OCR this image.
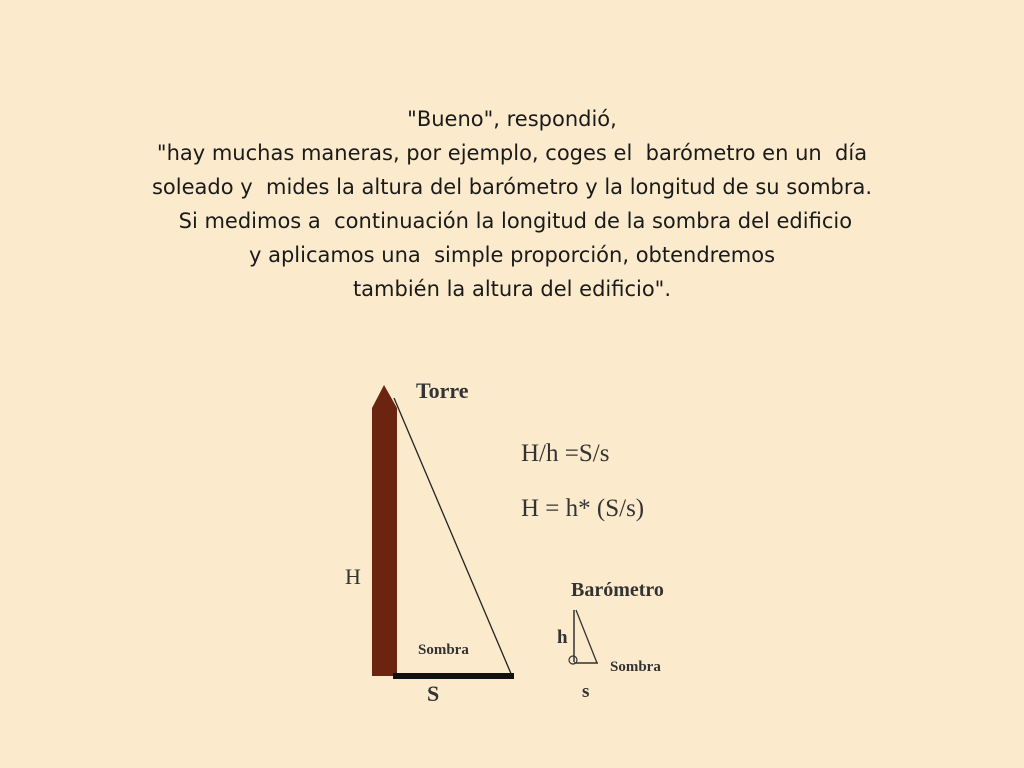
"Bueno", respondió,
"hay muchas maneras, por ejemplo, coges el  barómetro en un  día
soleado y  mides la altura del barómetro y la longitud de su sombra.
Si medimos a  continuación la longitud de la sombra del edificio
y aplicamos una  simple proporción, obtendremos
también la altura del edificio".
Torre
H
Sombra
S
H/h =S/s
H = h* (S/s)
Barómetro
h
Sombra
s
